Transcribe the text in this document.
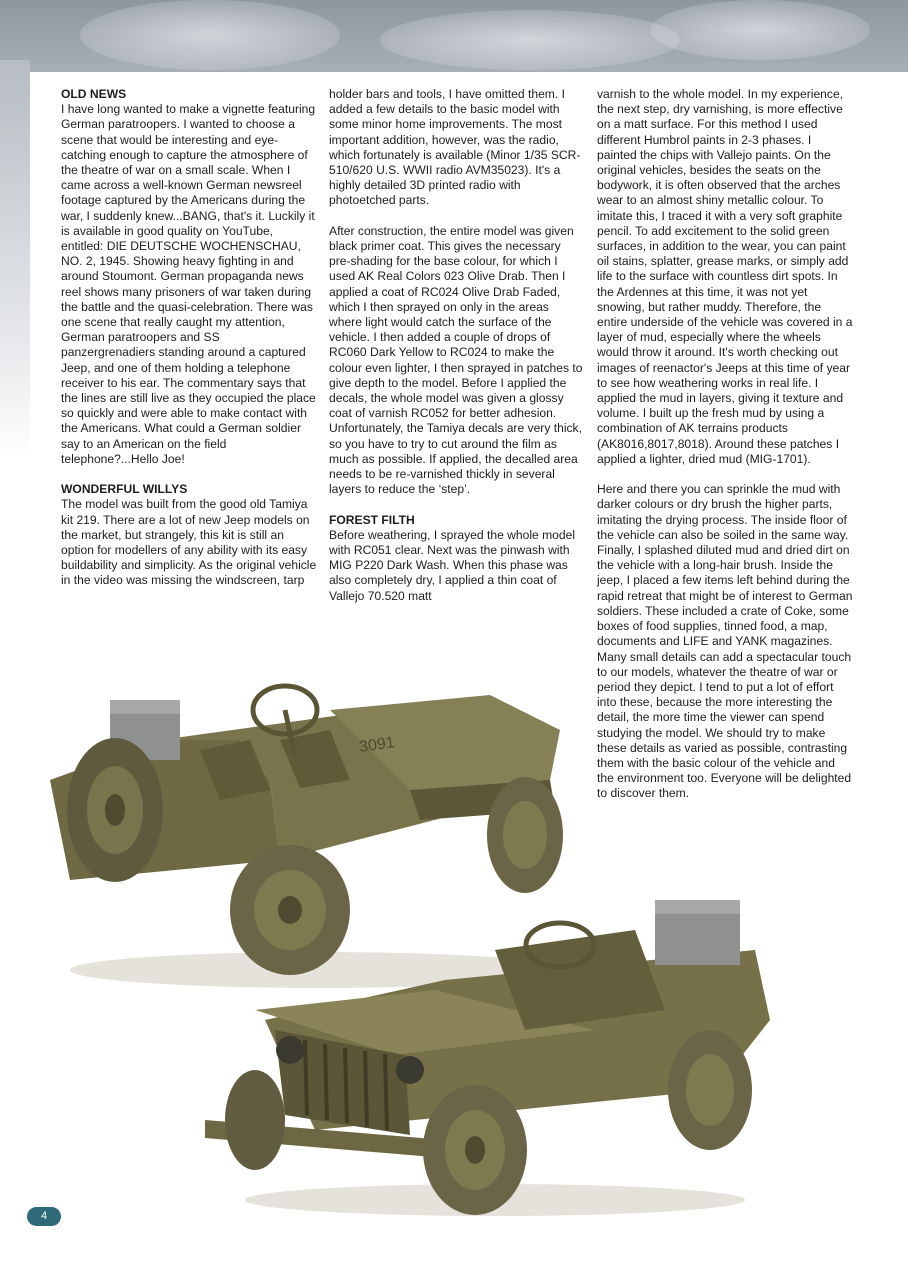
OLD NEWS

I have long wanted to make a vignette featuring German paratroopers. I wanted to choose a scene that would be interesting and eye-catching enough to capture the atmosphere of the theatre of war on a small scale. When I came across a well-known German newsreel footage captured by the Americans during the war, I suddenly knew...BANG, that's it. Luckily it is available in good quality on YouTube, entitled: DIE DEUTSCHE WOCHENSCHAU, NO. 2, 1945. Showing heavy fighting in and around Stoumont. German propaganda news reel shows many prisoners of war taken during the battle and the quasi-celebration. There was one scene that really caught my attention, German paratroopers and SS panzergrenadiers standing around a captured Jeep, and one of them holding a telephone receiver to his ear. The commentary says that the lines are still live as they occupied the place so quickly and were able to make contact with the Americans. What could a German soldier say to an American on the field telephone?...Hello Joe!

WONDERFUL WILLYS

The model was built from the good old Tamiya kit 219. There are a lot of new Jeep models on the market, but strangely, this kit is still an option for modellers of any ability with its easy buildability and simplicity. As the original vehicle in the video was missing the windscreen, tarp

holder bars and tools, I have omitted them. I added a few details to the basic model with some minor home improvements. The most important addition, however, was the radio, which fortunately is available (Minor 1/35 SCR-510/620 U.S. WWII radio AVM35023). It's a highly detailed 3D printed radio with photoetched parts.

After construction, the entire model was given black primer coat. This gives the necessary pre-shading for the base colour, for which I used AK Real Colors 023 Olive Drab. Then I applied a coat of RC024 Olive Drab Faded, which I then sprayed on only in the areas where light would catch the surface of the vehicle. I then added a couple of drops of RC060 Dark Yellow to RC024 to make the colour even lighter, I then sprayed in patches to give depth to the model. Before I applied the decals, the whole model was given a glossy coat of varnish RC052 for better adhesion. Unfortunately, the Tamiya decals are very thick, so you have to try to cut around the film as much as possible. If applied, the decalled area needs to be re-varnished thickly in several layers to reduce the ‘step’.

FOREST FILTH

Before weathering, I sprayed the whole model with RC051 clear. Next was the pinwash with MIG P220 Dark Wash. When this phase was also completely dry, I applied a thin coat of Vallejo 70.520 matt

varnish to the whole model. In my experience, the next step, dry varnishing, is more effective on a matt surface. For this method I used different Humbrol paints in 2-3 phases. I painted the chips with Vallejo paints. On the original vehicles, besides the seats on the bodywork, it is often observed that the arches wear to an almost shiny metallic colour. To imitate this, I traced it with a very soft graphite pencil. To add excitement to the solid green surfaces, in addition to the wear, you can paint oil stains, splatter, grease marks, or simply add life to the surface with countless dirt spots. In the Ardennes at this time, it was not yet snowing, but rather muddy. Therefore, the entire underside of the vehicle was covered in a layer of mud, especially where the wheels would throw it around. It's worth checking out images of reenactor's Jeeps at this time of year to see how weathering works in real life. I applied the mud in layers, giving it texture and volume. I built up the fresh mud by using a combination of AK terrains products (AK8016,8017,8018). Around these patches I applied a lighter, dried mud (MIG-1701).

Here and there you can sprinkle the mud with darker colours or dry brush the higher parts, imitating the drying process. The inside floor of the vehicle can also be soiled in the same way. Finally, I splashed diluted mud and dried dirt on the vehicle with a long-hair brush. Inside the jeep, I placed a few items left behind during the rapid retreat that might be of interest to German soldiers. These included a crate of Coke, some boxes of food supplies, tinned food, a map, documents and LIFE and YANK magazines. Many small details can add a spectacular touch to our models, whatever the theatre of war or period they depict. I tend to put a lot of effort into these, because the more interesting the detail, the more time the viewer can spend studying the model. We should try to make these details as varied as possible, contrasting them with the basic colour of the vehicle and the environment too. Everyone will be delighted to discover them.

3091
4
